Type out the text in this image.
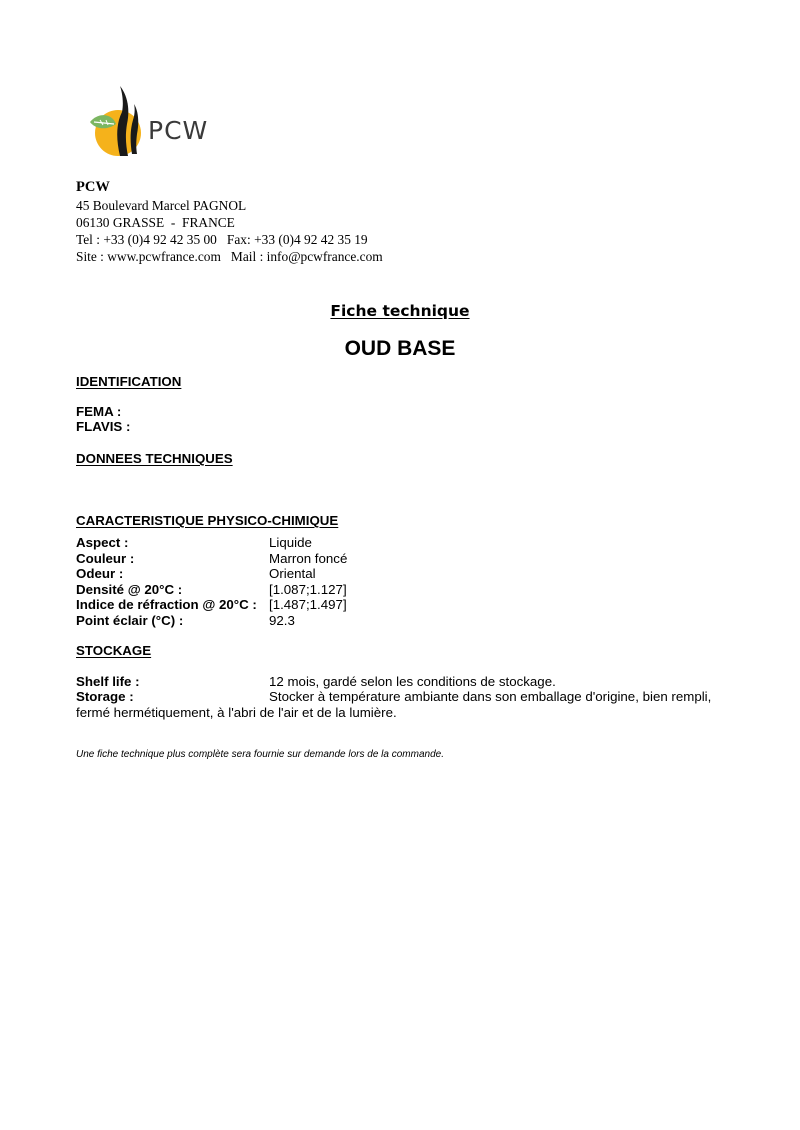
PCW
PCW
45 Boulevard Marcel PAGNOL
06130 GRASSE  -  FRANCE
Tel : +33 (0)4 92 42 35 00   Fax: +33 (0)4 92 42 35 19
Site : www.pcwfrance.com   Mail : info@pcwfrance.com
Fiche technique
OUD BASE
IDENTIFICATION
FEMA :
FLAVIS :
DONNEES TECHNIQUES
CARACTERISTIQUE PHYSICO-CHIMIQUE
Aspect :	Liquide
Couleur :	Marron foncé
Odeur :	Oriental
Densité @ 20°C :	[1.087;1.127]
Indice de réfraction @ 20°C : [1.487;1.497]
Point éclair (°C) :	92.3
STOCKAGE
Shelf life :	12 mois, gardé selon les conditions de stockage.
Storage :	Stocker à température ambiante dans son emballage d'origine, bien rempli, fermé hermétiquement, à l'abri de l'air et de la lumière.
Une fiche technique plus complète sera fournie sur demande lors de la commande.
